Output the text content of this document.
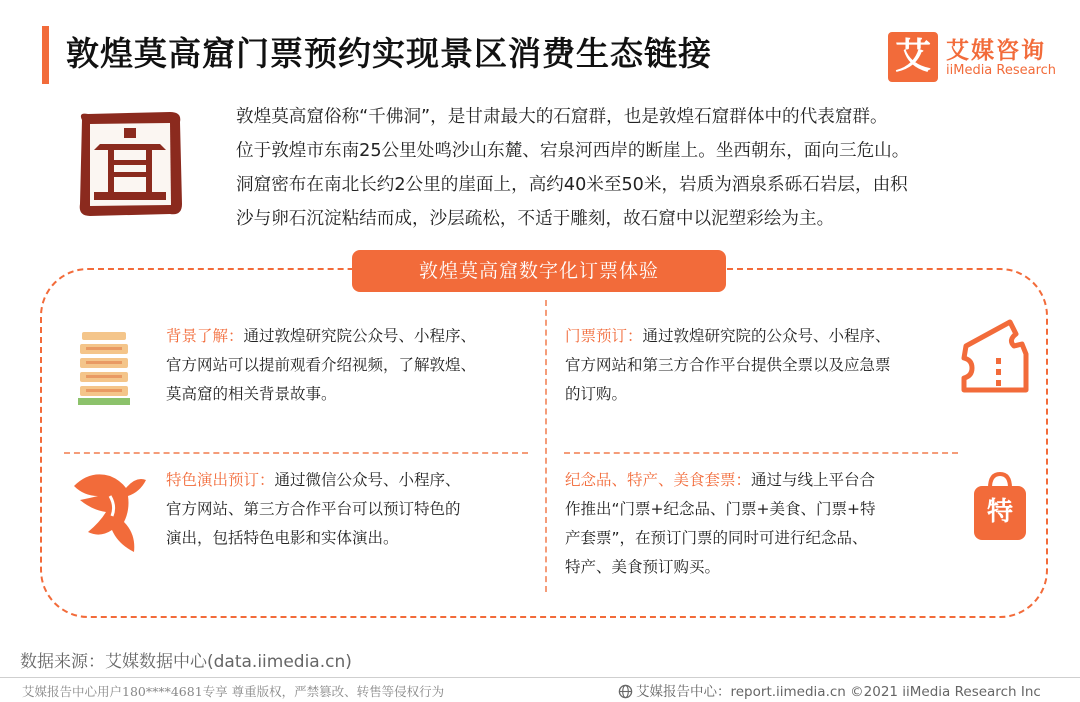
敦煌莫高窟门票预约实现景区消费生态链接	艾 艾媒咨询
iiMedia Research
敦煌莫高窟俗称“千佛洞”，是甘肃最大的石窟群，也是敦煌石窟群体中的代表窟群。
位于敦煌市东南25公里处鸣沙山东麓、宕泉河西岸的断崖上。坐西朝东，面向三危山。
洞窟密布在南北长约2公里的崖面上，高约40米至50米，岩质为酒泉系砾石岩层，由积
沙与卵石沉淀粘结而成，沙层疏松，不适于雕刻，故石窟中以泥塑彩绘为主。
敦煌莫高窟数字化订票体验
背景了解：通过敦煌研究院公众号、小程序、
官方网站可以提前观看介绍视频，了解敦煌、
莫高窟的相关背景故事。
门票预订：通过敦煌研究院的公众号、小程序、
官方网站和第三方合作平台提供全票以及应急票
的订购。
特色演出预订：通过微信公众号、小程序、
官方网站、第三方合作平台可以预订特色的
演出，包括特色电影和实体演出。
纪念品、特产、美食套票：通过与线上平台合
作推出“门票+纪念品、门票+美食、门票+特
产套票”，在预订门票的同时可进行纪念品、
特产、美食预订购买。
特
数据来源：艾媒数据中心(data.iimedia.cn)
艾媒报告中心用户180****4681专享 尊重版权，严禁篡改、转售等侵权行为	艾媒报告中心：report.iimedia.cn ©2021 iiMedia Research Inc
